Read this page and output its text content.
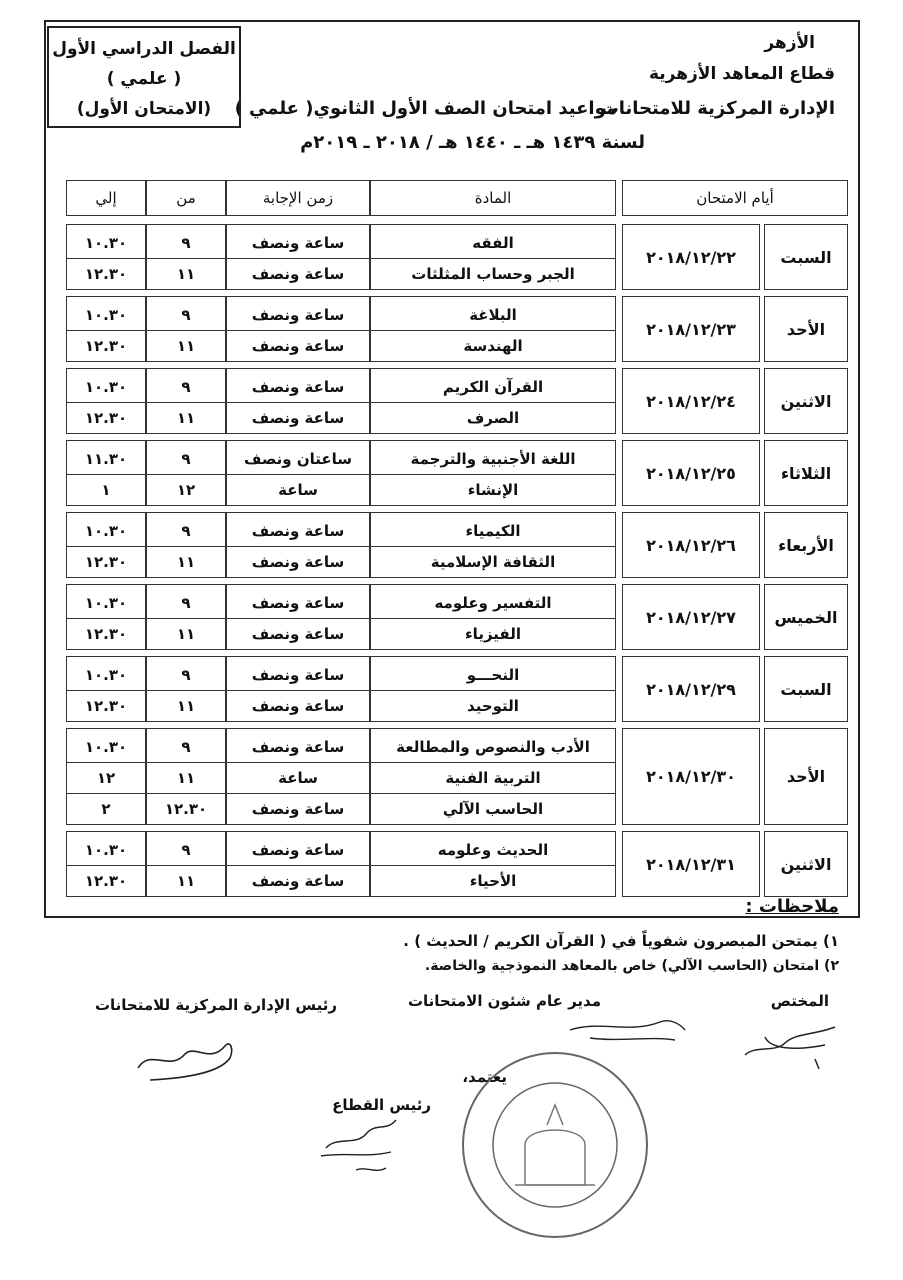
الأزهر
قطاع المعاهد الأزهرية
الإدارة المركزية للامتحانات
مواعيد امتحان الصف الأول الثانوي( علمي )
لسنة ١٤٣٩ هـ ـ ١٤٤٠ هـ / ٢٠١٨ ـ ٢٠١٩م
الفصل الدراسي الأول
( علمي )
(الامتحان الأول)
أيام الامتحان
المادة
زمن الإجابة
من
إلي
السبت
٢٠١٨/١٢/٢٢
الفقه
الجبر وحساب المثلثات
ساعة ونصف
ساعة ونصف
٩
١١
١٠.٣٠
١٢.٣٠
الأحد
٢٠١٨/١٢/٢٣
البلاغة
الهندسة
ساعة ونصف
ساعة ونصف
٩
١١
١٠.٣٠
١٢.٣٠
الاثنين
٢٠١٨/١٢/٢٤
القرآن الكريم
الصرف
ساعة ونصف
ساعة ونصف
٩
١١
١٠.٣٠
١٢.٣٠
الثلاثاء
٢٠١٨/١٢/٢٥
اللغة الأجنبية والترجمة
الإنشاء
ساعتان ونصف
ساعة
٩
١٢
١١.٣٠
١
الأربعاء
٢٠١٨/١٢/٢٦
الكيمياء
الثقافة الإسلامية
ساعة ونصف
ساعة ونصف
٩
١١
١٠.٣٠
١٢.٣٠
الخميس
٢٠١٨/١٢/٢٧
التفسير وعلومه
الفيزياء
ساعة ونصف
ساعة ونصف
٩
١١
١٠.٣٠
١٢.٣٠
السبت
٢٠١٨/١٢/٢٩
النحـــو
التوحيد
ساعة ونصف
ساعة ونصف
٩
١١
١٠.٣٠
١٢.٣٠
الأحد
٢٠١٨/١٢/٣٠
الأدب والنصوص والمطالعة
التربية الفنية
الحاسب الآلي
ساعة ونصف
ساعة
ساعة ونصف
٩
١١
١٢.٣٠
١٠.٣٠
١٢
٢
الاثنين
٢٠١٨/١٢/٣١
الحديث وعلومه
الأحياء
ساعة ونصف
ساعة ونصف
٩
١١
١٠.٣٠
١٢.٣٠
ملاحظات :
١) يمتحن المبصرون شفوياً في ( القرآن الكريم / الحديث ) .
٢) امتحان (الحاسب الآلي) خاص بالمعاهد النموذجية والخاصة.
المختص
مدير عام شئون الامتحانات
رئيس الإدارة المركزية للامتحانات
يعتمد،
رئيس القطاع
